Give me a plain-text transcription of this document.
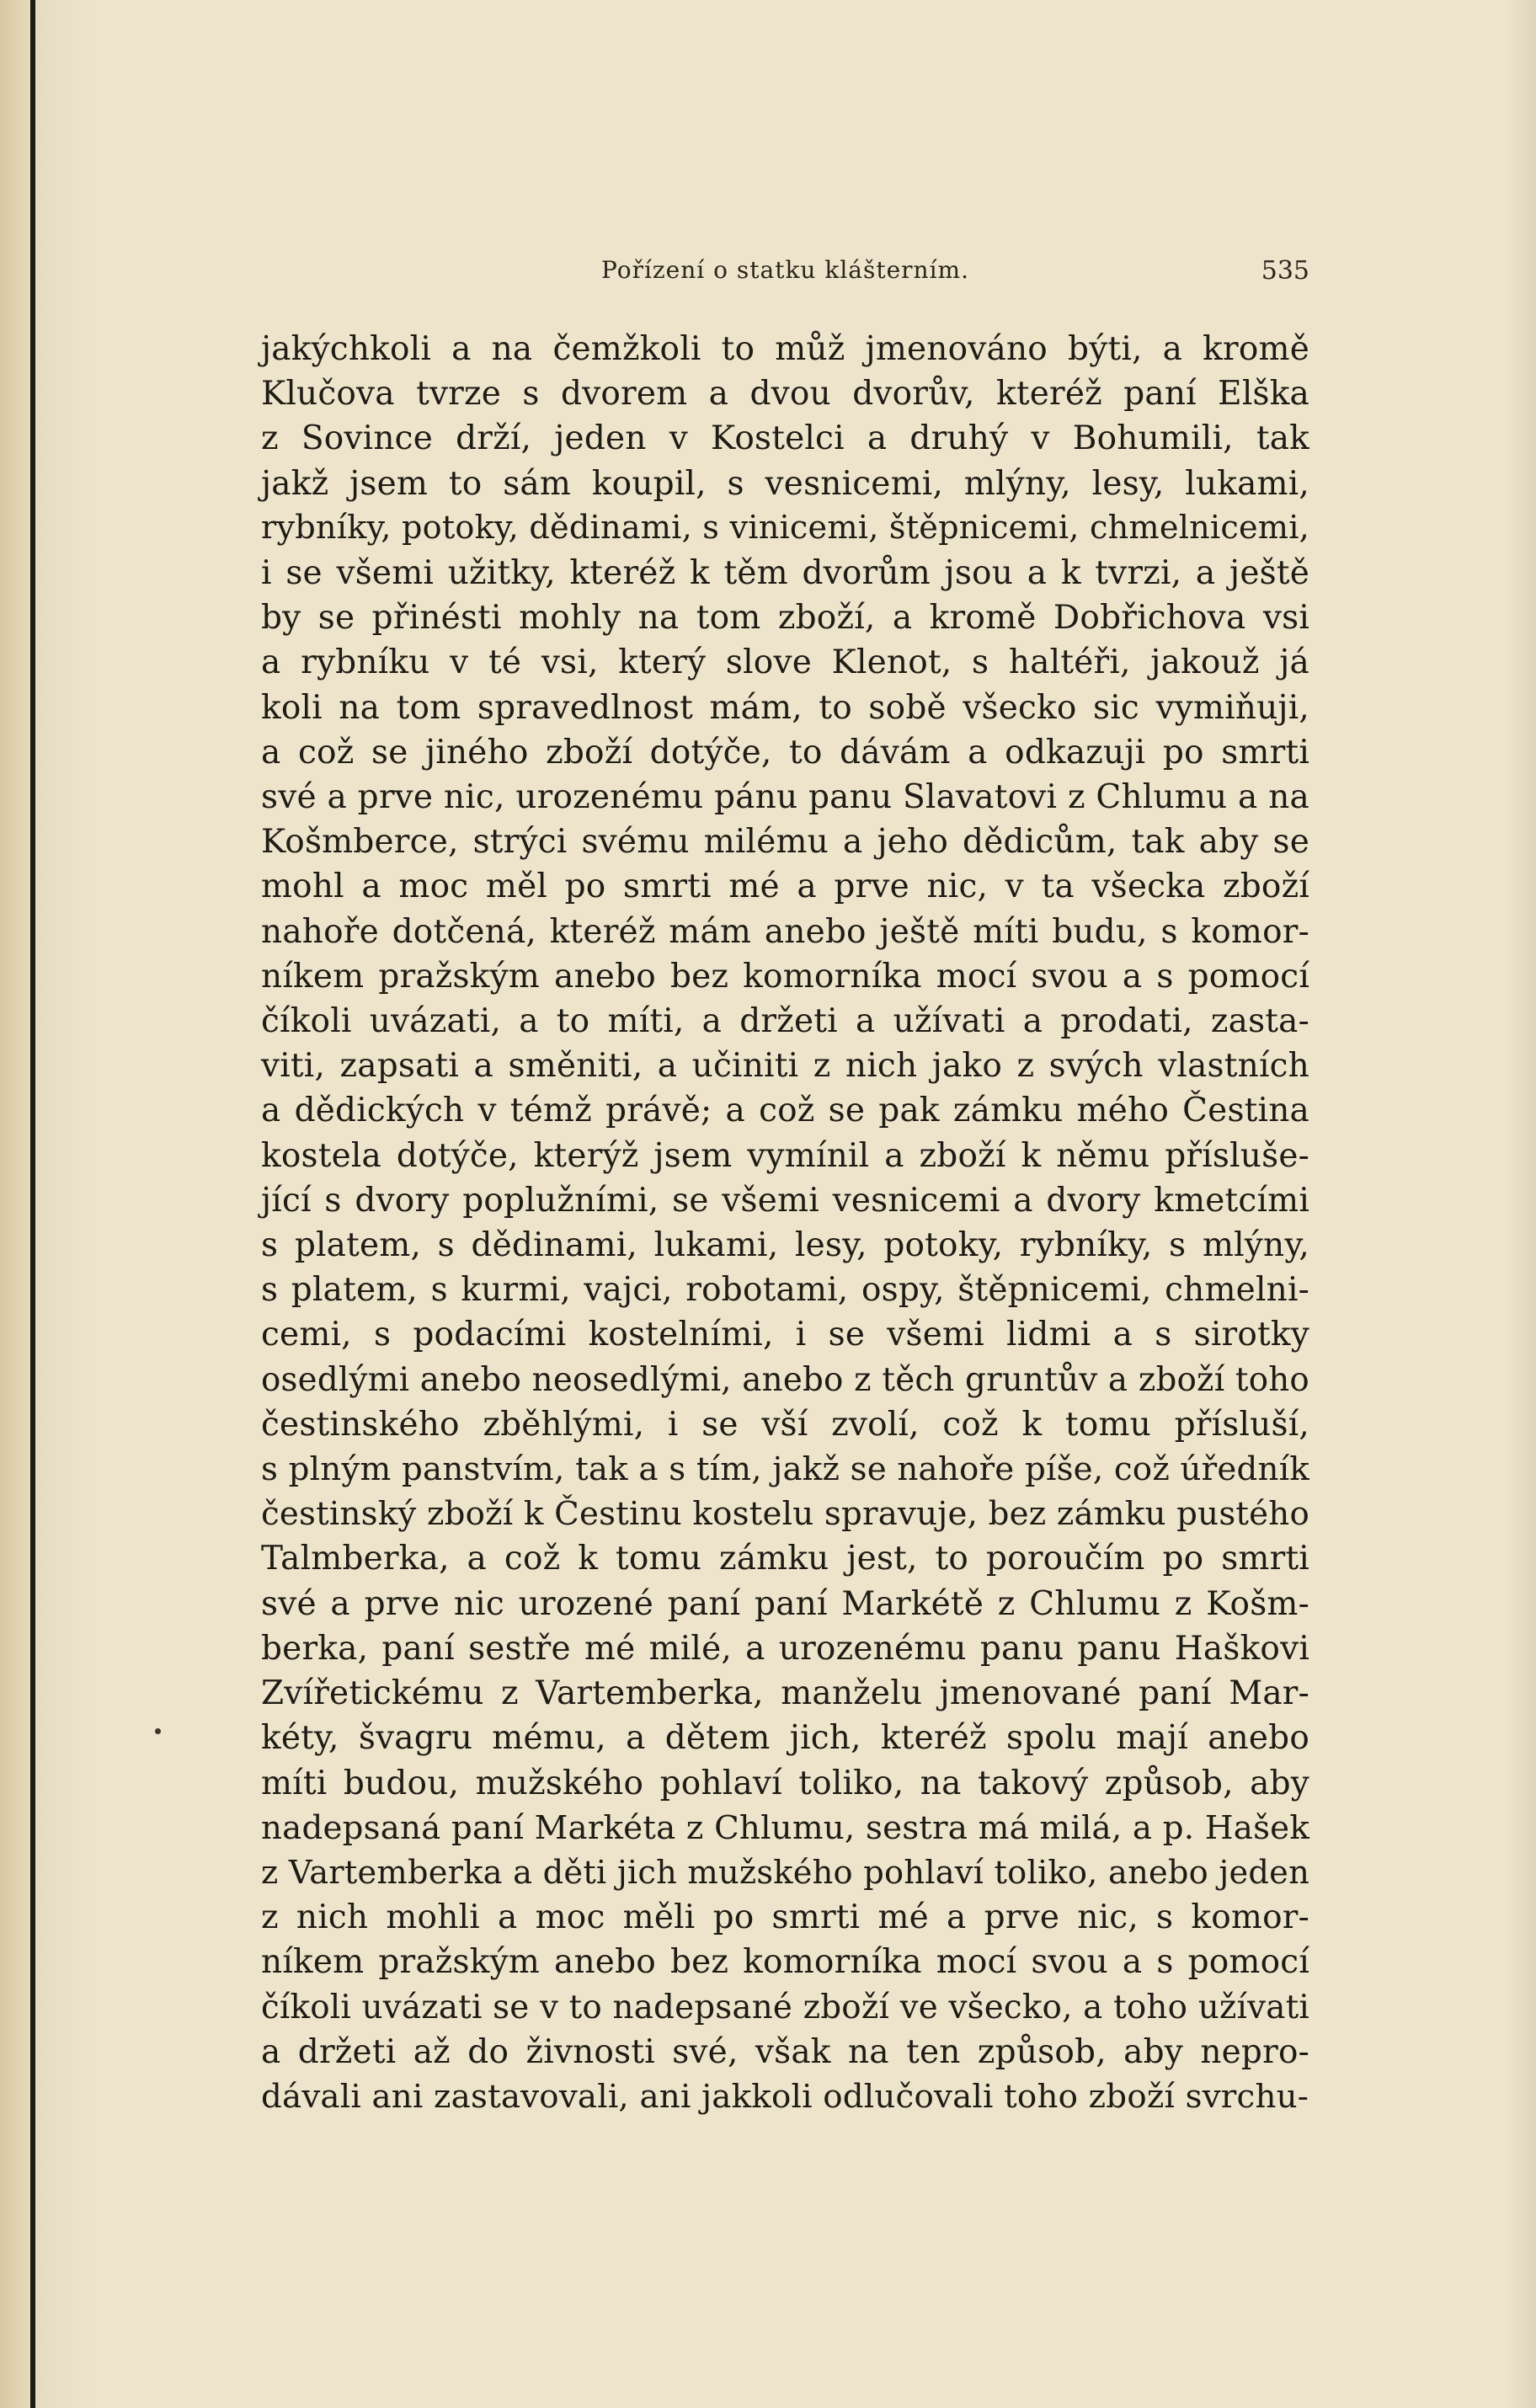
Pořízení o statku klášterním.	535
jakýchkoli a na čemžkoli to můž jmenováno býti, a kromě
Klučova tvrze s dvorem a dvou dvorův, kteréž paní Elška
z Sovince drží, jeden v Kostelci a druhý v Bohumili, tak
jakž jsem to sám koupil, s vesnicemi, mlýny, lesy, lukami,
rybníky, potoky, dědinami, s vinicemi, štěpnicemi, chmelnicemi,
i se všemi užitky, kteréž k těm dvorům jsou a k tvrzi, a ještě
by se přinésti mohly na tom zboží, a kromě Dobřichova vsi
a rybníku v té vsi, který slove Klenot, s haltéři, jakouž já
koli na tom spravedlnost mám, to sobě všecko sic vymiňuji,
a což se jiného zboží dotýče, to dávám a odkazuji po smrti
své a prve nic, urozenému pánu panu Slavatovi z Chlumu a na
Košmberce, strýci svému milému a jeho dědicům, tak aby se
mohl a moc měl po smrti mé a prve nic, v ta všecka zboží
nahoře dotčená, kteréž mám anebo ještě míti budu, s komor-
níkem pražským anebo bez komorníka mocí svou a s pomocí
číkoli uvázati, a to míti, a držeti a užívati a prodati, zasta-
viti, zapsati a směniti, a učiniti z nich jako z svých vlastních
a dědických v témž právě; a což se pak zámku mého Čestina
kostela dotýče, kterýž jsem vymínil a zboží k němu přísluše-
jící s dvory poplužními, se všemi vesnicemi a dvory kmetcími
s platem, s dědinami, lukami, lesy, potoky, rybníky, s mlýny,
s platem, s kurmi, vajci, robotami, ospy, štěpnicemi, chmelni-
cemi, s podacími kostelními, i se všemi lidmi a s sirotky
osedlými anebo neosedlými, anebo z těch gruntův a zboží toho
čestinského zběhlými, i se vší zvolí, což k tomu přísluší,
s plným panstvím, tak a s tím, jakž se nahoře píše, což úředník
čestinský zboží k Čestinu kostelu spravuje, bez zámku pustého
Talmberka, a což k tomu zámku jest, to poroučím po smrti
své a prve nic urozené paní paní Markétě z Chlumu z Košm-
berka, paní sestře mé milé, a urozenému panu panu Haškovi
Zvířetickému z Vartemberka, manželu jmenované paní Mar-
kéty, švagru mému, a dětem jich, kteréž spolu mají anebo
míti budou, mužského pohlaví toliko, na takový způsob, aby
nadepsaná paní Markéta z Chlumu, sestra má milá, a p. Hašek
z Vartemberka a děti jich mužského pohlaví toliko, anebo jeden
z nich mohli a moc měli po smrti mé a prve nic, s komor-
níkem pražským anebo bez komorníka mocí svou a s pomocí
číkoli uvázati se v to nadepsané zboží ve všecko, a toho užívati
a držeti až do živnosti své, však na ten způsob, aby nepro-
dávali ani zastavovali, ani jakkoli odlučovali toho zboží svrchu-
